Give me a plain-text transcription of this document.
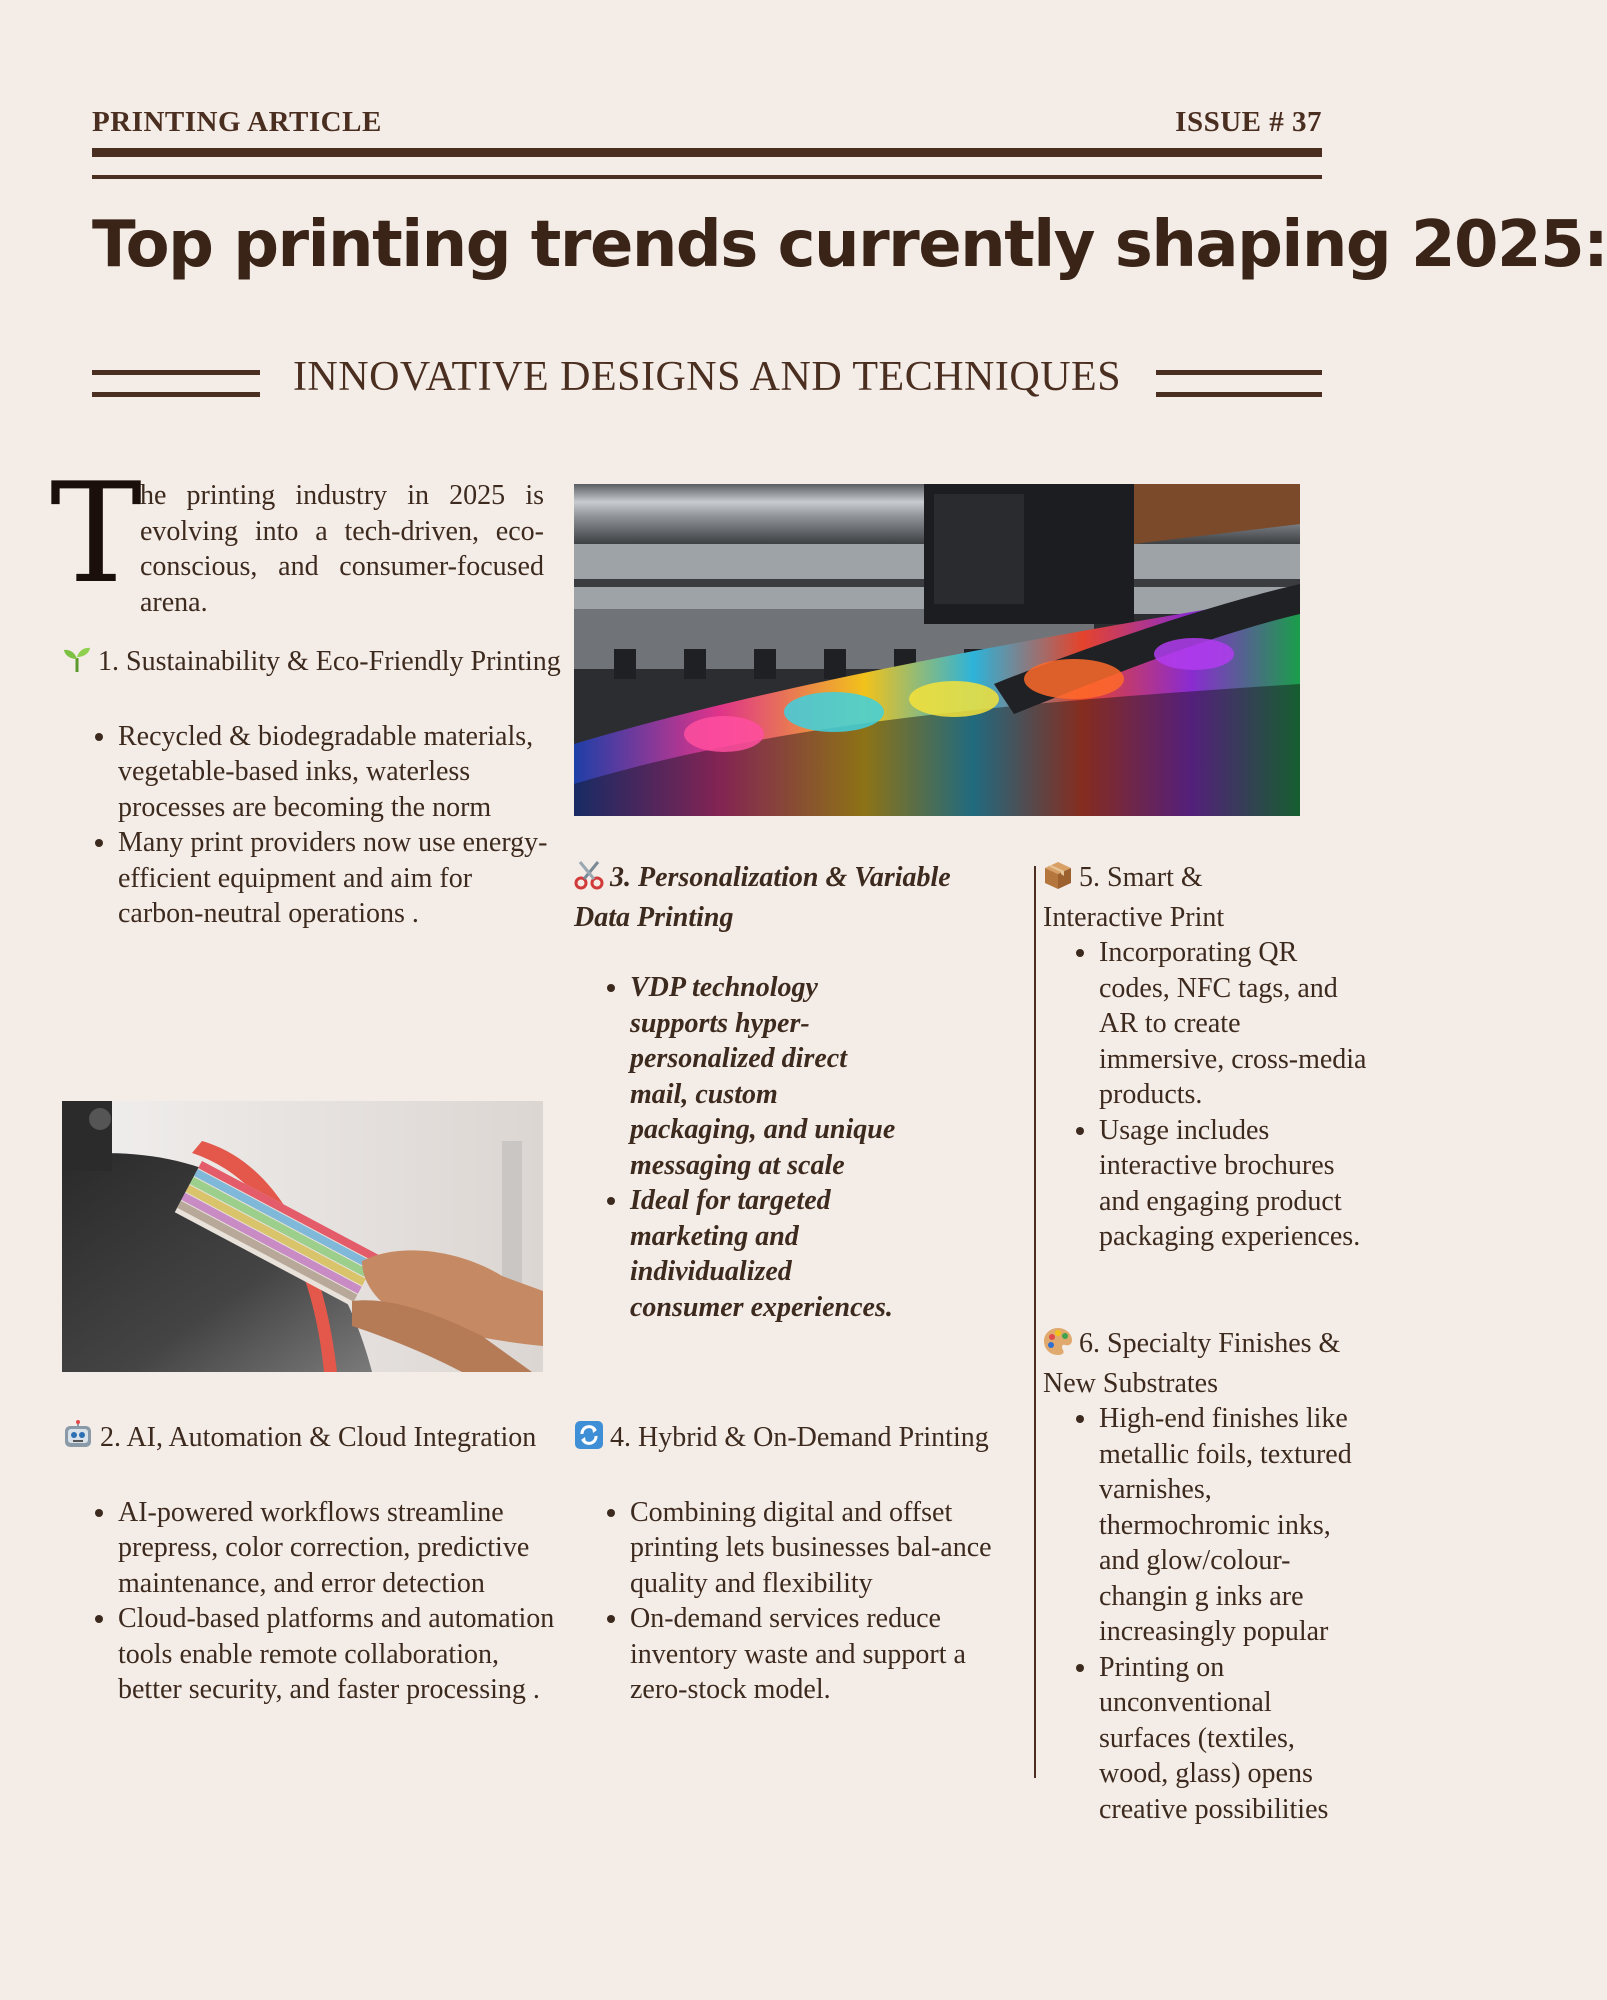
PRINTING ARTICLE	ISSUE # 37
Top printing trends currently shaping 2025:
INNOVATIVE DESIGNS AND TECHNIQUES
T
he printing industry in 2025 is evolving into a tech-driven, eco-conscious, and consumer-focused arena.
1. Sustainability & Eco-Friendly Printing
• Recycled & biodegradable materials, vegetable-based inks, waterless processes are becoming the norm
• Many print providers now use energy-efficient equipment and aim for carbon-neutral operations .
2. AI, Automation & Cloud Integration
• AI-powered workflows streamline prepress, color correction, predictive maintenance, and error detection
• Cloud-based platforms and automation tools enable remote collaboration, better security, and faster processing .
3. Personalization & Variable Data Printing
• VDP technology supports hyper-personalized direct mail, custom packaging, and unique messaging at scale
• Ideal for targeted marketing and individualized consumer experiences.
4. Hybrid & On-Demand Printing
• Combining digital and offset printing lets businesses bal-ance quality and flexibility
• On-demand services reduce inventory waste and support a zero-stock model.
5. Smart & Interactive Print
• Incorporating QR codes, NFC tags, and AR to create immersive, cross-media products.
• Usage includes interactive brochures and engaging product packaging experiences.
6. Specialty Finishes & New Substrates
• High-end finishes like metallic foils, textured varnishes, thermochromic inks, and glow/colour-changin g inks are increasingly popular
• Printing on unconventional surfaces (textiles, wood, glass) opens creative possibilities
